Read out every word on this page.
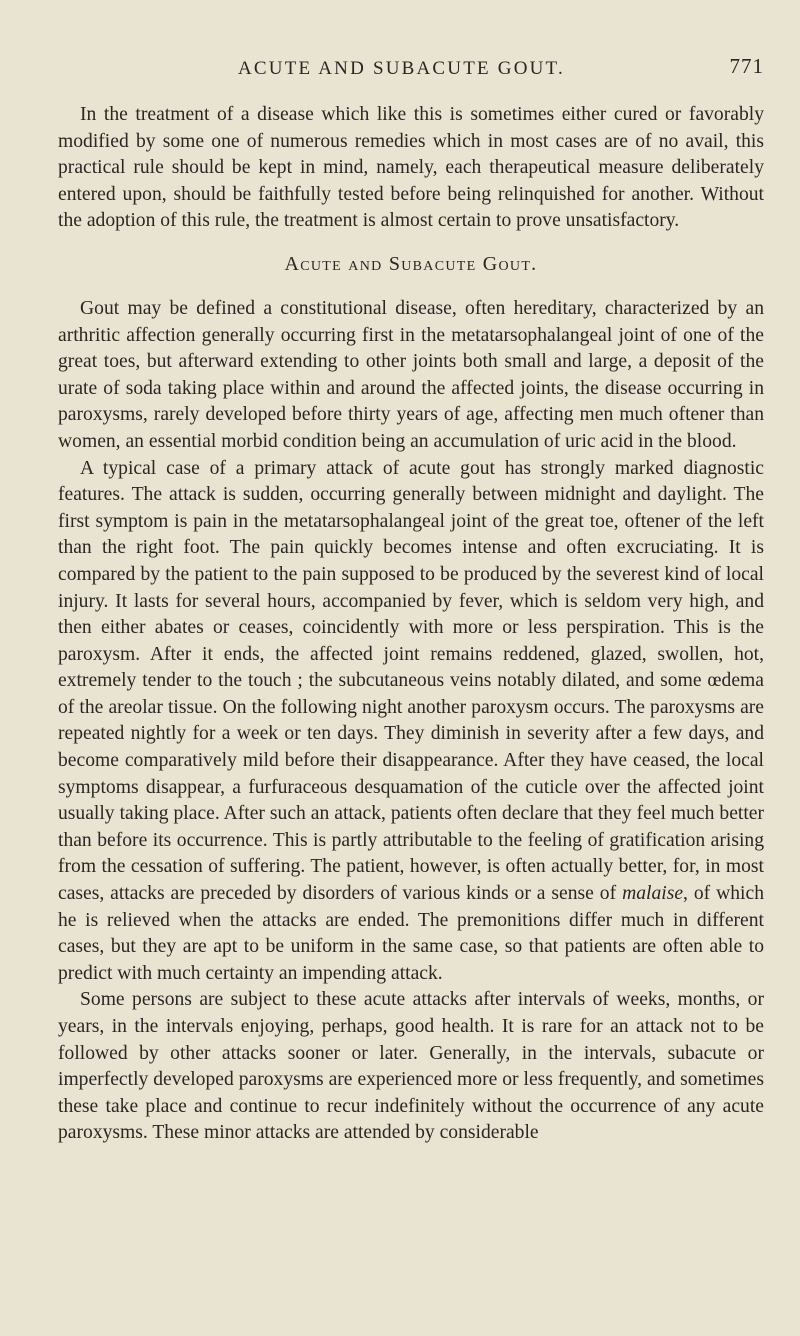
ACUTE AND SUBACUTE GOUT.	771

In the treatment of a disease which like this is sometimes either cured or favorably modified by some one of numerous remedies which in most cases are of no avail, this practical rule should be kept in mind, namely, each therapeutical measure deliberately entered upon, should be faithfully tested before being relinquished for another. Without the adoption of this rule, the treatment is almost certain to prove unsatisfactory.

Acute and Subacute Gout.

Gout may be defined a constitutional disease, often hereditary, characterized by an arthritic affection generally occurring first in the metatarsophalangeal joint of one of the great toes, but afterward extending to other joints both small and large, a deposit of the urate of soda taking place within and around the affected joints, the disease occurring in paroxysms, rarely developed before thirty years of age, affecting men much oftener than women, an essential morbid condition being an accumulation of uric acid in the blood.

A typical case of a primary attack of acute gout has strongly marked diagnostic features. The attack is sudden, occurring generally between midnight and daylight. The first symptom is pain in the metatarsophalangeal joint of the great toe, oftener of the left than the right foot. The pain quickly becomes intense and often excruciating. It is compared by the patient to the pain supposed to be produced by the severest kind of local injury. It lasts for several hours, accompanied by fever, which is seldom very high, and then either abates or ceases, coincidently with more or less perspiration. This is the paroxysm. After it ends, the affected joint remains reddened, glazed, swollen, hot, extremely tender to the touch ; the subcutaneous veins notably dilated, and some œdema of the areolar tissue. On the following night another paroxysm occurs. The paroxysms are repeated nightly for a week or ten days. They diminish in severity after a few days, and become comparatively mild before their disappearance. After they have ceased, the local symptoms disappear, a furfuraceous desquamation of the cuticle over the affected joint usually taking place. After such an attack, patients often declare that they feel much better than before its occurrence. This is partly attributable to the feeling of gratification arising from the cessation of suffering. The patient, however, is often actually better, for, in most cases, attacks are preceded by disorders of various kinds or a sense of malaise, of which he is relieved when the attacks are ended. The premonitions differ much in different cases, but they are apt to be uniform in the same case, so that patients are often able to predict with much certainty an impending attack.

Some persons are subject to these acute attacks after intervals of weeks, months, or years, in the intervals enjoying, perhaps, good health. It is rare for an attack not to be followed by other attacks sooner or later. Generally, in the intervals, subacute or imperfectly developed paroxysms are experienced more or less frequently, and sometimes these take place and continue to recur indefinitely without the occurrence of any acute paroxysms. These minor attacks are attended by considerable
